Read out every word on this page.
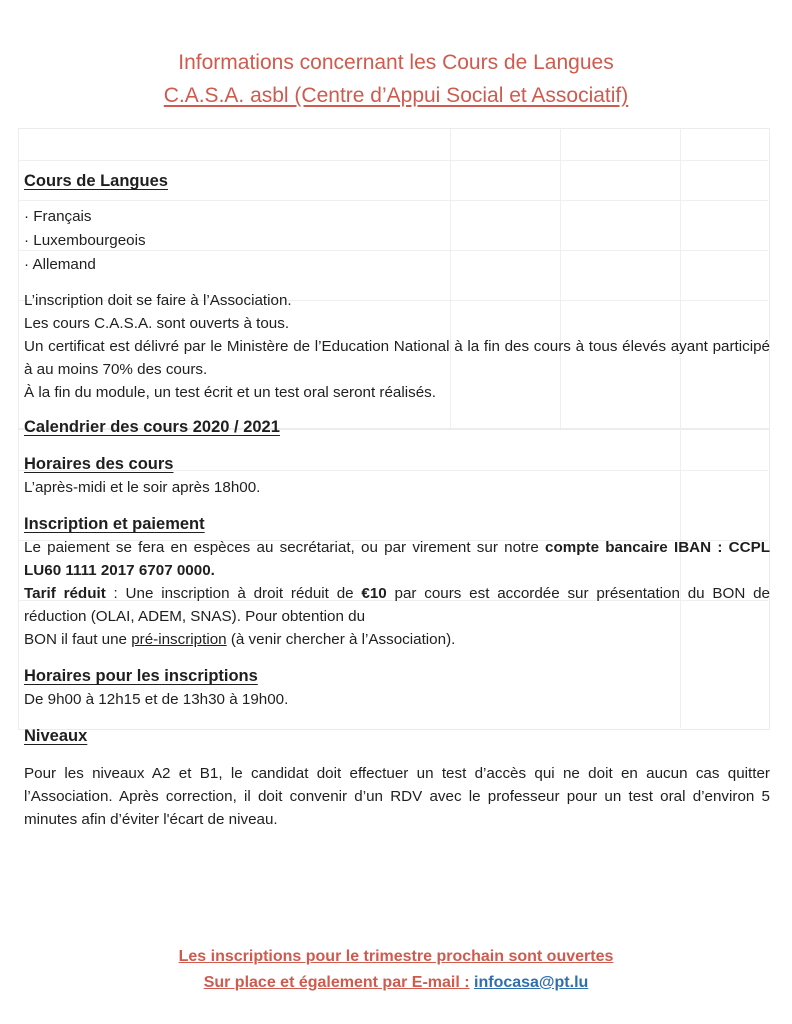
Informations concernant les Cours de Langues
C.A.S.A. asbl (Centre d’Appui Social et Associatif)
Cours de Langues
· Français
· Luxembourgeois
· Allemand
L’inscription doit se faire à l’Association.
Les cours C.A.S.A. sont ouverts à tous.
Un certificat est délivré par le Ministère de l’Education National à la fin des cours à tous élevés ayant participé à au moins 70% des cours.
À la fin du module, un test écrit et un test oral seront réalisés.
Calendrier des cours 2020 / 2021
Horaires des cours
L’après-midi et le soir après 18h00.
Inscription et paiement
Le paiement se fera en espèces au secrétariat, ou par virement sur notre compte bancaire IBAN : CCPL LU60 1111 2017 6707 0000.
Tarif réduit : Une inscription à droit réduit de €10 par cours est accordée sur présentation du BON de réduction (OLAI, ADEM, SNAS). Pour obtention du
BON il faut une pré-inscription (à venir chercher à l’Association).
Horaires pour les inscriptions
De 9h00 à 12h15 et de 13h30 à 19h00.
Niveaux
Pour les niveaux A2 et B1, le candidat doit effectuer un test d’accès qui ne doit en aucun cas quitter l’Association. Après correction, il doit convenir d’un RDV avec le professeur pour un test oral d’environ 5 minutes afin d’éviter l'écart de niveau.
Les inscriptions pour le trimestre prochain sont ouvertes
Sur place et également par E-mail : infocasa@pt.lu
